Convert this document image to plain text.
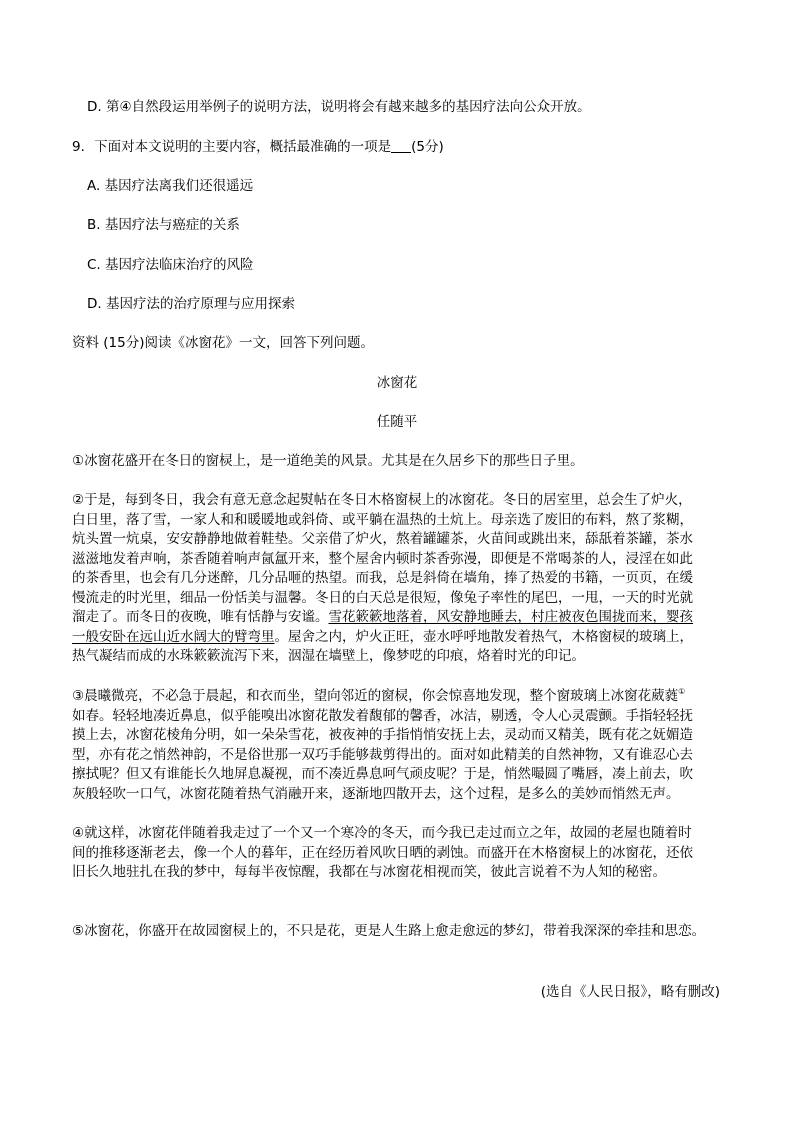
D. 第④自然段运用举例子的说明方法，说明将会有越来越多的基因疗法向公众开放。
9．下面对本文说明的主要内容，概括最准确的一项是 (5分)
A. 基因疗法离我们还很遥远
B. 基因疗法与癌症的关系
C. 基因疗法临床治疗的风险
D. 基因疗法的治疗原理与应用探索
资料 (15分)阅读《冰窗花》一文，回答下列问题。
冰窗花
任随平

①冰窗花盛开在冬日的窗棂上，是一道绝美的风景。尤其是在久居乡下的那些日子里。

②于是，每到冬日，我会有意无意念起熨帖在冬日木格窗棂上的冰窗花。冬日的居室里，总会生了炉火，

白日里，落了雪，一家人和和暖暖地或斜倚、或平躺在温热的土炕上。母亲选了废旧的布料，熬了浆糊，

炕头置一炕桌，安安静静地做着鞋垫。父亲借了炉火，熬着罐罐茶，火苗间或跳出来，舔舐着茶罐，茶水

滋滋地发着声响，茶香随着响声氤氲开来，整个屋舍内顿时茶香弥漫，即便是不常喝茶的人，浸淫在如此

的茶香里，也会有几分迷醉，几分品咂的热望。而我，总是斜倚在墙角，捧了热爱的书籍，一页页，在缓

慢流走的时光里，细品一份恬美与温馨。冬日的白天总是很短，像兔子率性的尾巴，一甩，一天的时光就

溜走了。而冬日的夜晚，唯有恬静与安谧。雪花簌簌地落着，风安静地睡去，村庄被夜色围拢而来，婴孩

一般安卧在远山近水阔大的臂弯里。屋舍之内，炉火正旺，壶水呼呼地散发着热气，木格窗棂的玻璃上，

热气凝结而成的水珠簌簌流泻下来，洇湿在墙壁上，像梦呓的印痕，烙着时光的印记。

③晨曦微亮，不必急于晨起，和衣而坐，望向邻近的窗棂，你会惊喜地发现，整个窗玻璃上冰窗花葳蕤①

如春。轻轻地凑近鼻息，似乎能嗅出冰窗花散发着馥郁的馨香，冰洁，剔透，令人心灵震颤。手指轻轻抚

摸上去，冰窗花棱角分明，如一朵朵雪花，被夜神的手指悄悄安抚上去，灵动而又精美，既有花之妩媚造

型，亦有花之悄然神韵，不是俗世那一双巧手能够裁剪得出的。面对如此精美的自然神物，又有谁忍心去

擦拭呢？但又有谁能长久地屏息凝视，而不凑近鼻息呵气顽皮呢？于是，悄然嘬圆了嘴唇，凑上前去，吹

灰般轻吹一口气，冰窗花随着热气消融开来，逐渐地四散开去，这个过程，是多么的美妙而悄然无声。

④就这样，冰窗花伴随着我走过了一个又一个寒冷的冬天，而今我已走过而立之年，故园的老屋也随着时

间的推移逐渐老去，像一个人的暮年，正在经历着风吹日晒的剥蚀。而盛开在木格窗棂上的冰窗花，还依

旧长久地驻扎在我的梦中，每每半夜惊醒，我都在与冰窗花相视而笑，彼此言说着不为人知的秘密。

⑤冰窗花，你盛开在故园窗棂上的，不只是花，更是人生路上愈走愈远的梦幻，带着我深深的牵挂和思恋。

(选自《人民日报》，略有删改)
